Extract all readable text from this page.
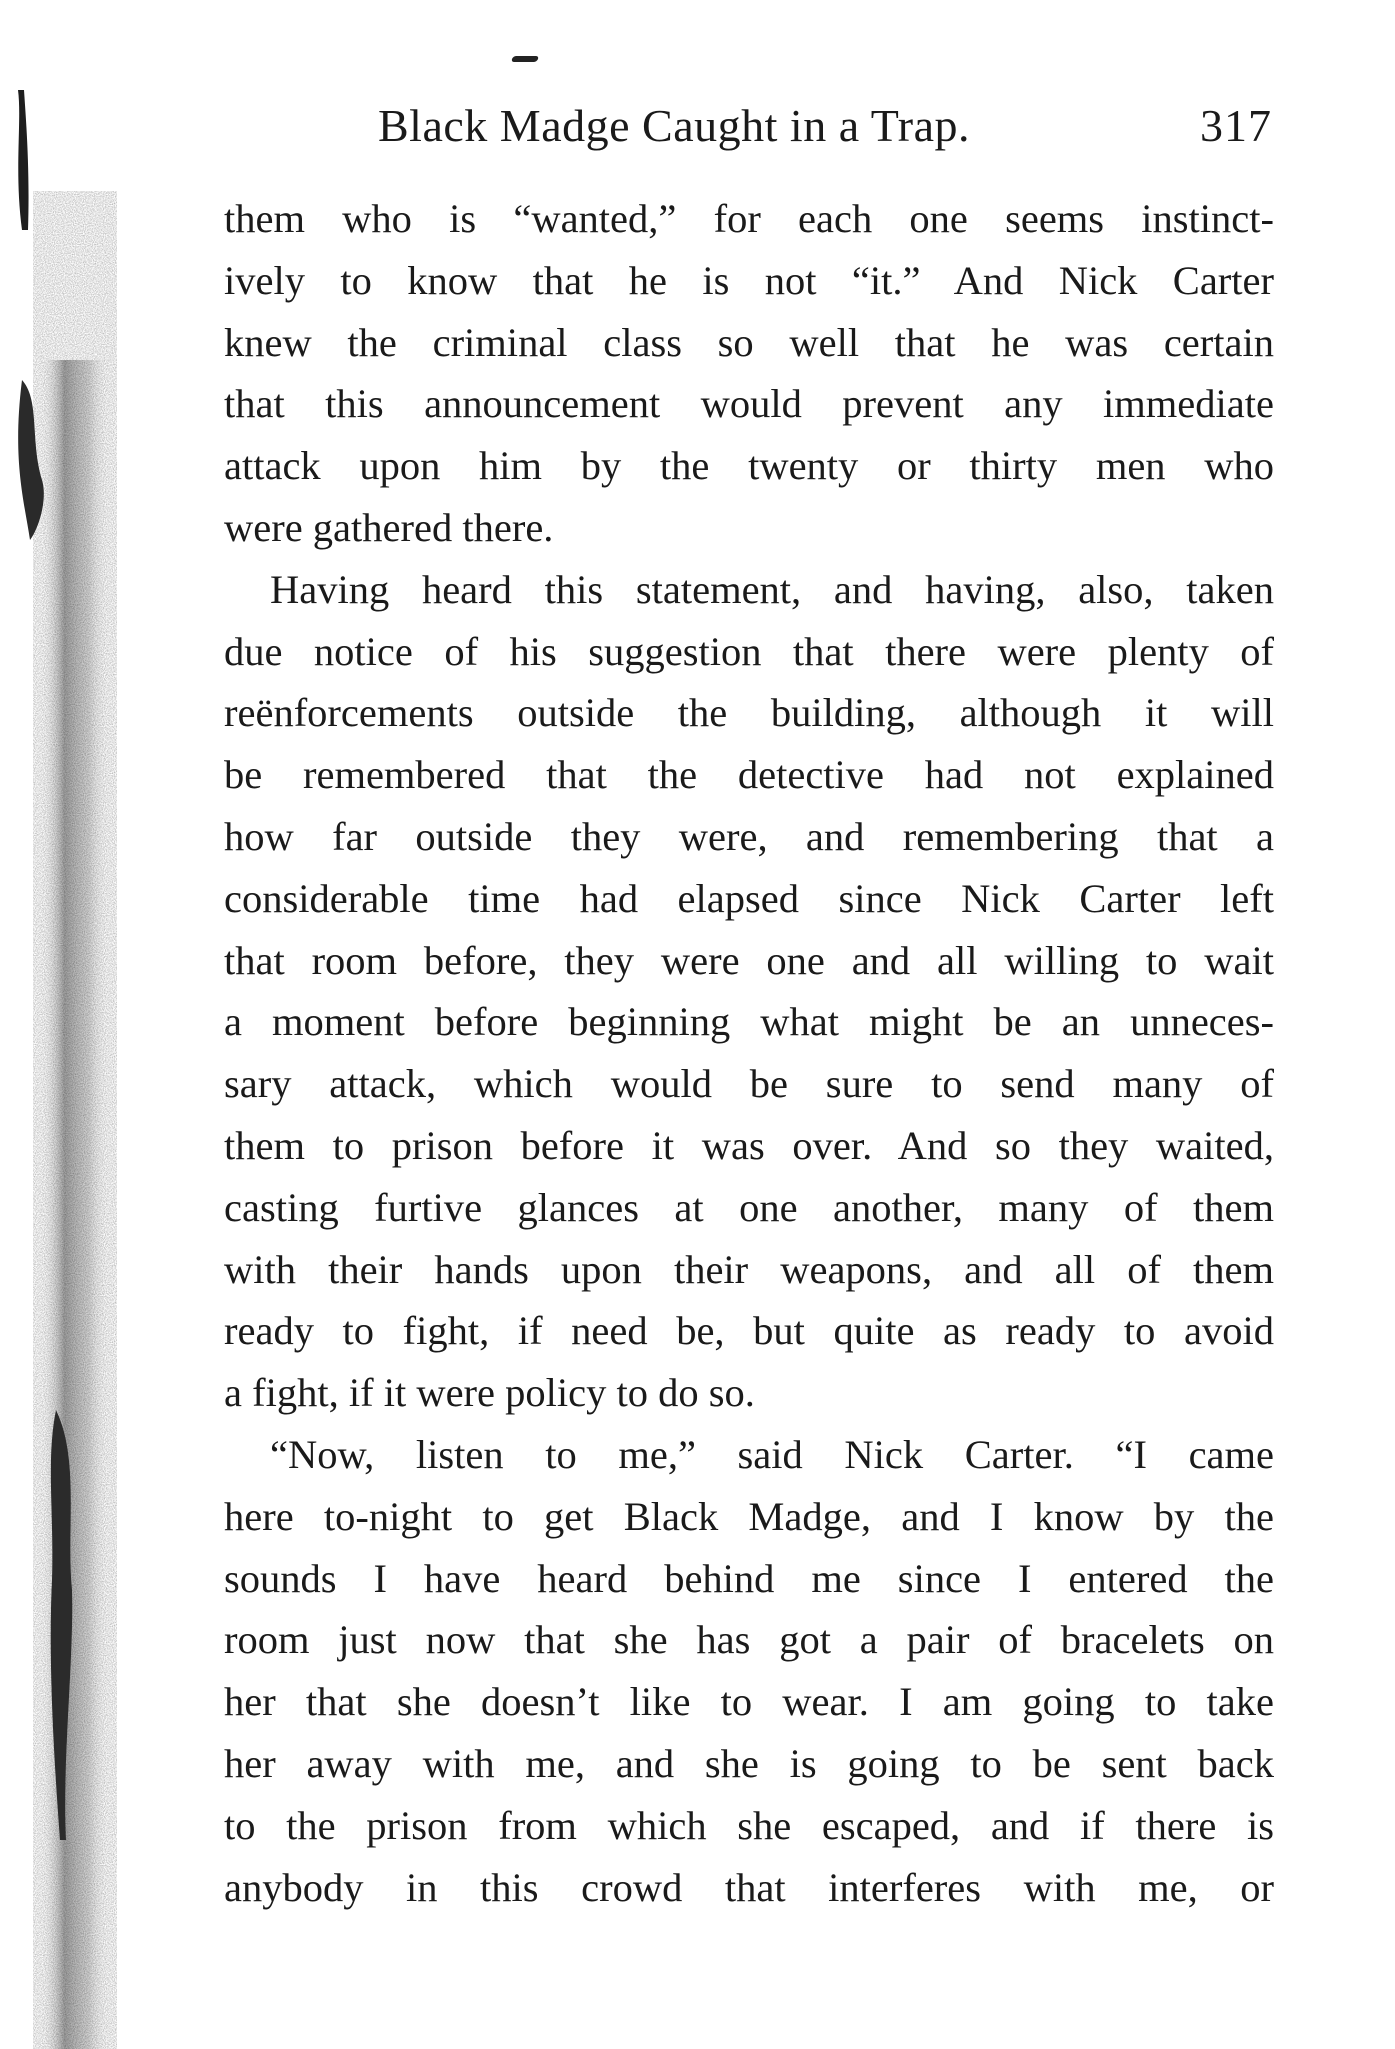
Black Madge Caught in a Trap.	317
them who is “wanted,” for each one seems instinct-
ively to know that he is not “it.” And Nick Carter
knew the criminal class so well that he was certain
that this announcement would prevent any immediate
attack upon him by the twenty or thirty men who
were gathered there.
Having heard this statement, and having, also, taken
due notice of his suggestion that there were plenty of
reënforcements outside the building, although it will
be remembered that the detective had not explained
how far outside they were, and remembering that a
considerable time had elapsed since Nick Carter left
that room before, they were one and all willing to wait
a moment before beginning what might be an unneces-
sary attack, which would be sure to send many of
them to prison before it was over. And so they waited,
casting furtive glances at one another, many of them
with their hands upon their weapons, and all of them
ready to fight, if need be, but quite as ready to avoid
a fight, if it were policy to do so.
“Now, listen to me,” said Nick Carter. “I came
here to-night to get Black Madge, and I know by the
sounds I have heard behind me since I entered the
room just now that she has got a pair of bracelets on
her that she doesn’t like to wear. I am going to take
her away with me, and she is going to be sent back
to the prison from which she escaped, and if there is
anybody in this crowd that interferes with me, or
